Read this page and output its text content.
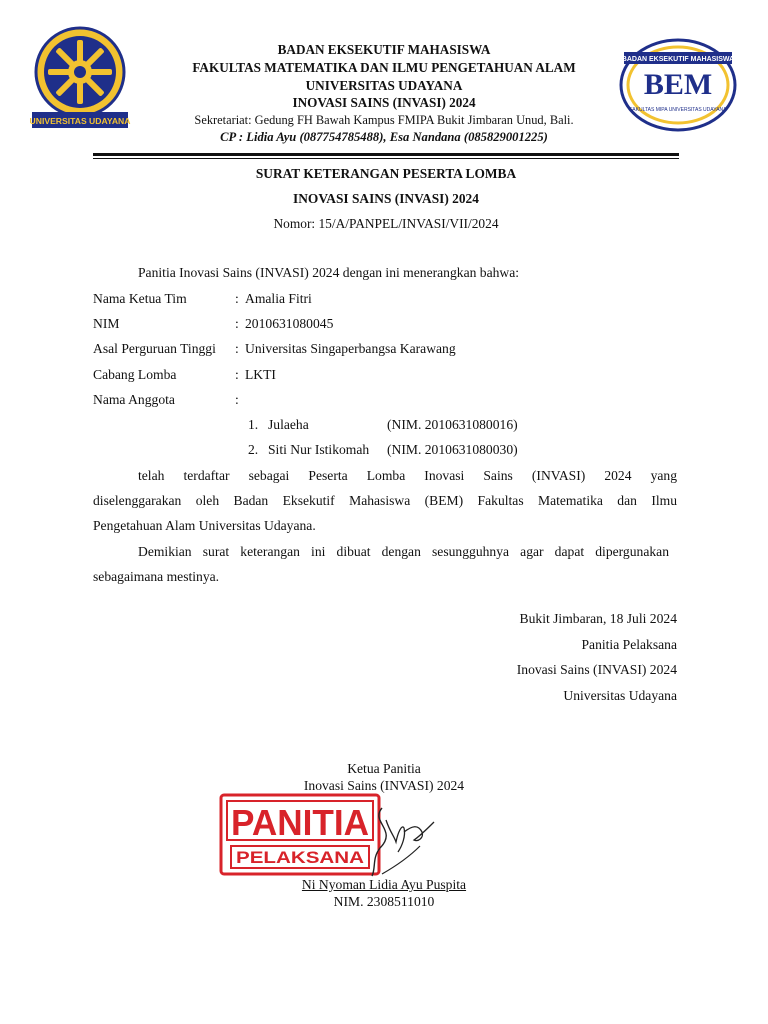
UNIVERSITAS UDAYANA
BADAN EKSEKUTIF MAHASISWA
BEM
FAKULTAS MIPA UNIVERSITAS UDAYANA
BADAN EKSEKUTIF MAHASISWA
FAKULTAS MATEMATIKA DAN ILMU PENGETAHUAN ALAM
UNIVERSITAS UDAYANA
INOVASI SAINS (INVASI) 2024
Sekretariat: Gedung FH Bawah Kampus FMIPA Bukit Jimbaran Unud, Bali.
CP : Lidia Ayu (087754785488), Esa Nandana (085829001225)
SURAT KETERANGAN PESERTA LOMBA
INOVASI SAINS (INVASI) 2024
Nomor: 15/A/PANPEL/INVASI/VII/2024
Panitia Inovasi Sains (INVASI) 2024 dengan ini menerangkan bahwa:
Nama Ketua Tim	: Amalia Fitri
NIM	: 2010631080045
Asal Perguruan Tinggi : Universitas Singaperbangsa Karawang
Cabang Lomba	: LKTI
Nama Anggota	:
1. Julaeha	(NIM. 2010631080016)
2. Siti Nur Istikomah (NIM. 2010631080030)
telah terdaftar sebagai Peserta Lomba Inovasi Sains (INVASI) 2024 yang
diselenggarakan oleh Badan Eksekutif Mahasiswa (BEM) Fakultas Matematika dan Ilmu
Pengetahuan Alam Universitas Udayana.
Demikian surat keterangan ini dibuat dengan sesungguhnya agar dapat dipergunakan
sebagaimana mestinya.
Bukit Jimbaran, 18 Juli 2024
Panitia Pelaksana
Inovasi Sains (INVASI) 2024
Universitas Udayana
Ketua Panitia
Inovasi Sains (INVASI) 2024
PANITIA
PELAKSANA
Ni Nyoman Lidia Ayu Puspita
NIM. 2308511010
